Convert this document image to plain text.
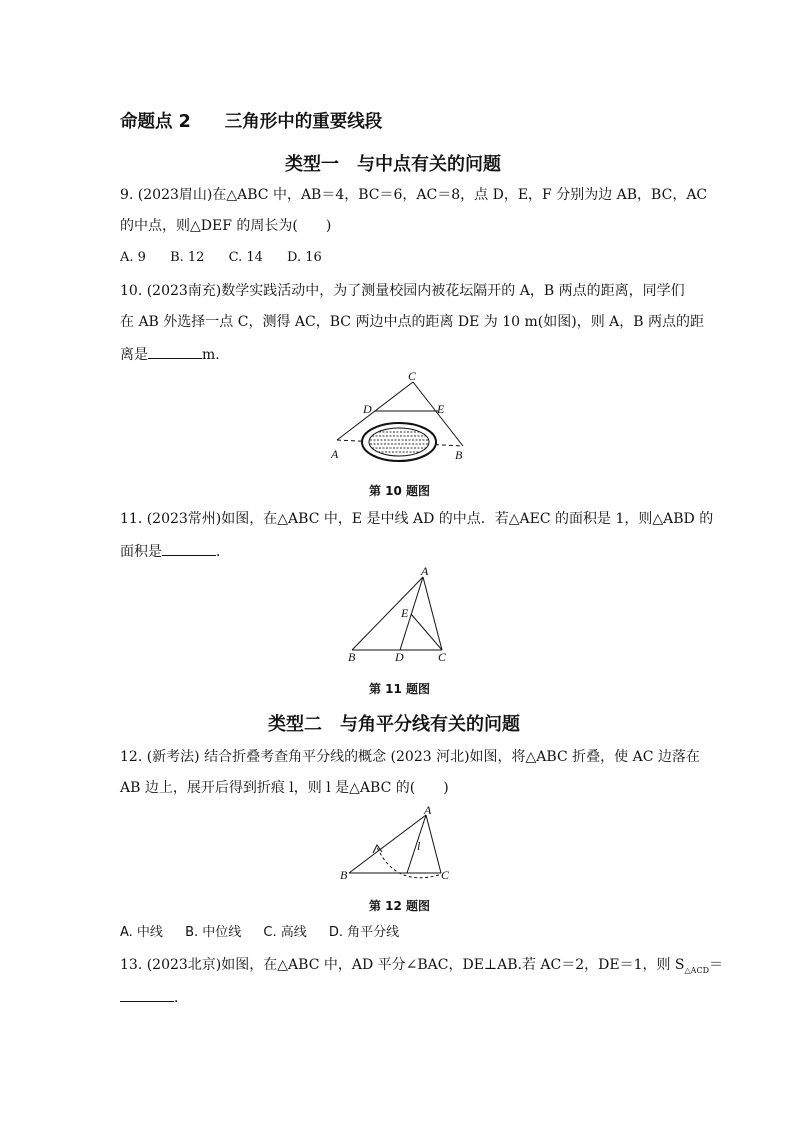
命题点 2 三角形中的重要线段
类型一　与中点有关的问题
9. (2023眉山)在△ABC 中，AB＝4，BC＝6，AC＝8，点 D，E，F 分别为边 AB，BC，AC
的中点，则△DEF 的周长为(　　)
A. 9 B. 12 C. 14 D. 16
10. (2023南充)数学实践活动中，为了测量校园内被花坛隔开的 A，B 两点的距离，同学们
在 AB 外选择一点 C，测得 AC，BC 两边中点的距离 DE 为 10 m(如图)，则 A，B 两点的距
离是	m.
A	B
C
D	E
第 10 题图
11. (2023常州)如图，在△ABC 中，E 是中线 AD 的中点．若△AEC 的面积是 1，则△ABD 的
面积是	．
A
B	C
D
E
第 11 题图
类型二　与角平分线有关的问题
12. (新考法) 结合折叠考查角平分线的概念 (2023 河北)如图，将△ABC 折叠，使 AC 边落在
AB 边上，展开后得到折痕 l，则 l 是△ABC 的(　　)
A
B	C
l
第 12 题图
A. 中线 B. 中位线 C. 高线 D. 角平分线
13. (2023北京)如图，在△ABC 中，AD 平分∠BAC，DE⊥AB.若 AC＝2，DE＝1，则 $S_{\triangle ACD}=$
．
